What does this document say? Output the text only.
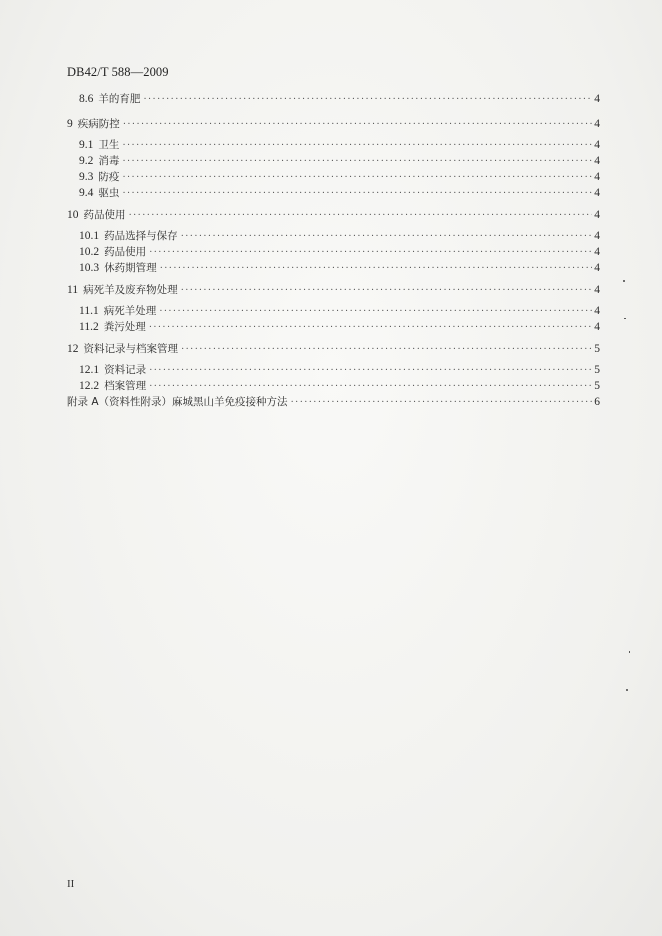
DB42/T 588—2009
8.6 羊的育肥 ·····	4
9 疾病防控 ·····	4
9.1 卫生 ·····	4
9.2 消毒 ·····	4
9.3 防疫 ·····	4
9.4 驱虫 ·····	4
10 药品使用 ·····	4
10.1 药品选择与保存 ·····	4
10.2 药品使用 ·····	4
10.3 休药期管理 ·····	4
11 病死羊及废弃物处理 ·····	4
11.1 病死羊处理 ·····	4
11.2 粪污处理 ·····	4
12 资料记录与档案管理 ·····	5
12.1 资料记录 ·····	5
12.2 档案管理 ·····	5
附录 A（资料性附录）麻城黑山羊免疫接种方法 ·····	6
II
